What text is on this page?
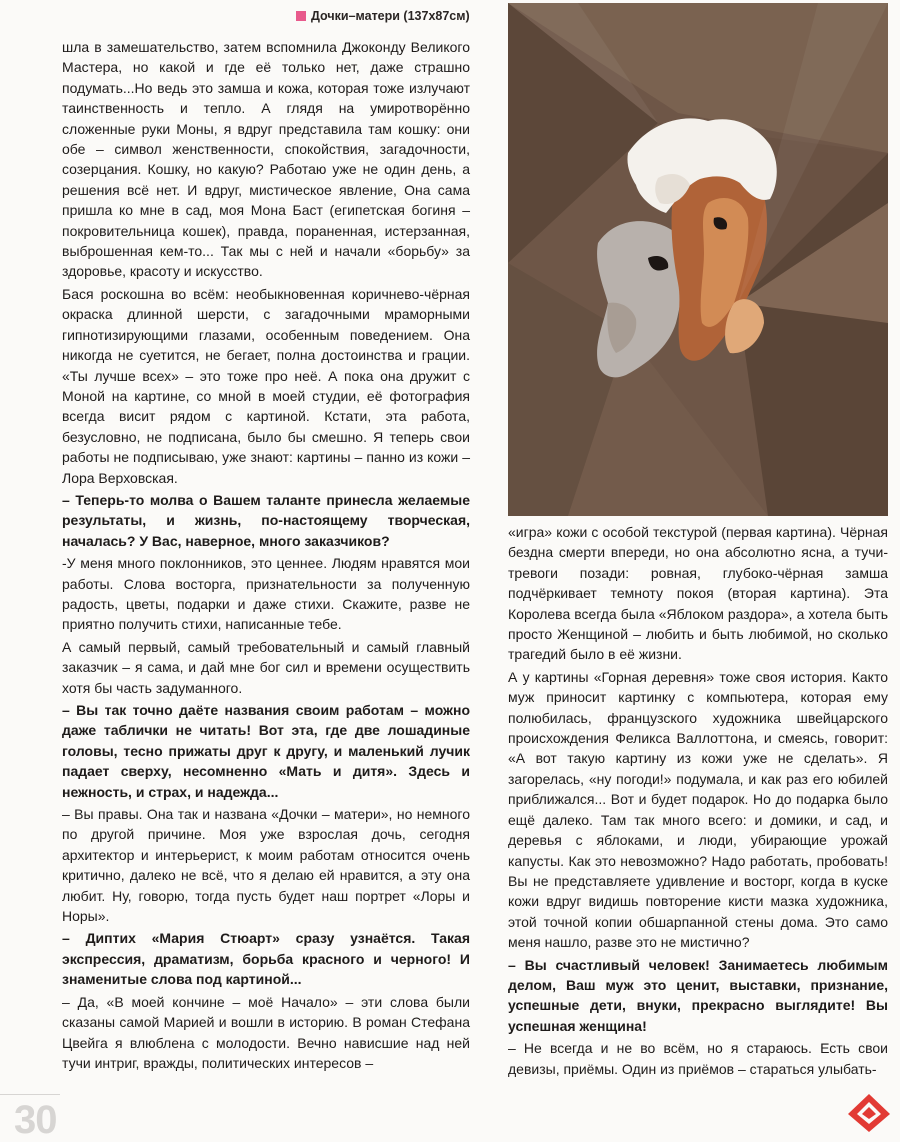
Дочки–матери (137х87см)

шла в замешательство, затем вспомнила Джоконду Великого Мастера, но какой и где её только нет, даже страшно подумать...Но ведь это замша и кожа, которая тоже излучают таинственность и тепло. А глядя на умиротворённо сложенные руки Моны, я вдруг представила там кошку: они обе – символ женственности, спокойствия, загадочности, созерцания. Кошку, но какую? Работаю уже не один день, а решения всё нет. И вдруг, мистическое явление, Она сама пришла ко мне в сад, моя Мона Баст (египетская богиня – покровительница кошек), правда, пораненная, истерзанная, выброшенная кем-то... Так мы с ней и начали «борьбу» за здоровье, красоту и искусство.

Бася роскошна во всём: необыкновенная коричнево-чёрная окраска длинной шерсти, с загадочными мраморными гипнотизирующими глазами, особенным поведением. Она никогда не суетится, не бегает, полна достоинства и грации. «Ты лучше всех» – это тоже про неё. А пока она дружит с Моной на картине, со мной в моей студии, её фотография всегда висит рядом с картиной. Кстати, эта работа, безусловно, не подписана, было бы смешно. Я теперь свои работы не подписываю, уже знают: картины – панно из кожи – Лора Верховская.

– Теперь-то молва о Вашем таланте принесла желаемые результаты, и жизнь, по-настоящему творческая, началась? У Вас, наверное, много заказчиков?

-У меня много поклонников, это ценнее. Людям нравятся мои работы. Слова восторга, признательности за полученную радость, цветы, подарки и даже стихи. Скажите, разве не приятно получить стихи, написанные тебе.

А самый первый, самый требовательный и самый главный заказчик – я сама, и дай мне бог сил и времени осуществить хотя бы часть задуманного.

– Вы так точно даёте названия своим работам – можно даже таблички не читать! Вот эта, где две лошадиные головы, тесно прижаты друг к другу, и маленький лучик падает сверху, несомненно «Мать и дитя». Здесь и нежность, и страх, и надежда...

– Вы правы. Она так и названа «Дочки – матери», но немного по другой причине. Моя уже взрослая дочь, сегодня архитектор и интерьерист, к моим работам относится очень критично, далеко не всё, что я делаю ей нравится, а эту она любит. Ну, говорю, тогда пусть будет наш портрет «Лоры и Норы».

– Диптих «Мария Стюарт» сразу узнаётся. Такая экспрессия, драматизм, борьба красного и черного! И знаменитые слова под картиной...

– Да, «В моей кончине – моё Начало» – эти слова были сказаны самой Марией и вошли в историю. В роман Стефана Цвейга я влюблена с молодости. Вечно нависшие над ней тучи интриг, вражды, политических интересов –

«игра» кожи с особой текстурой (первая картина). Чёрная бездна смерти впереди, но она абсолютно ясна, а тучи-тревоги позади: ровная, глубоко-чёрная замша подчёркивает темноту покоя (вторая картина). Эта Королева всегда была «Яблоком раздора», а хотела быть просто Женщиной – любить и быть любимой, но сколько трагедий было в её жизни.

А у картины «Горная деревня» тоже своя история. Както муж приносит картинку с компьютера, которая ему полюбилась, французского художника швейцарского происхождения Феликса Валлоттона, и смеясь, говорит: «А вот такую картину из кожи уже не сделать». Я загорелась, «ну погоди!» подумала, и как раз его юбилей приближался... Вот и будет подарок. Но до подарка было ещё далеко. Там так много всего: и домики, и сад, и деревья с яблоками, и люди, убирающие урожай капусты. Как это невозможно? Надо работать, пробовать! Вы не представляете удивление и восторг, когда в куске кожи вдруг видишь повторение кисти мазка художника, этой точной копии обшарпанной стены дома. Это само меня нашло, разве это не мистично?

– Вы счастливый человек! Занимаетесь любимым делом, Ваш муж это ценит, выставки, признание, успешные дети, внуки, прекрасно выглядите! Вы успешная женщина!

– Не всегда и не во всём, но я стараюсь. Есть свои девизы, приёмы. Один из приёмов – стараться улыбать-

30
